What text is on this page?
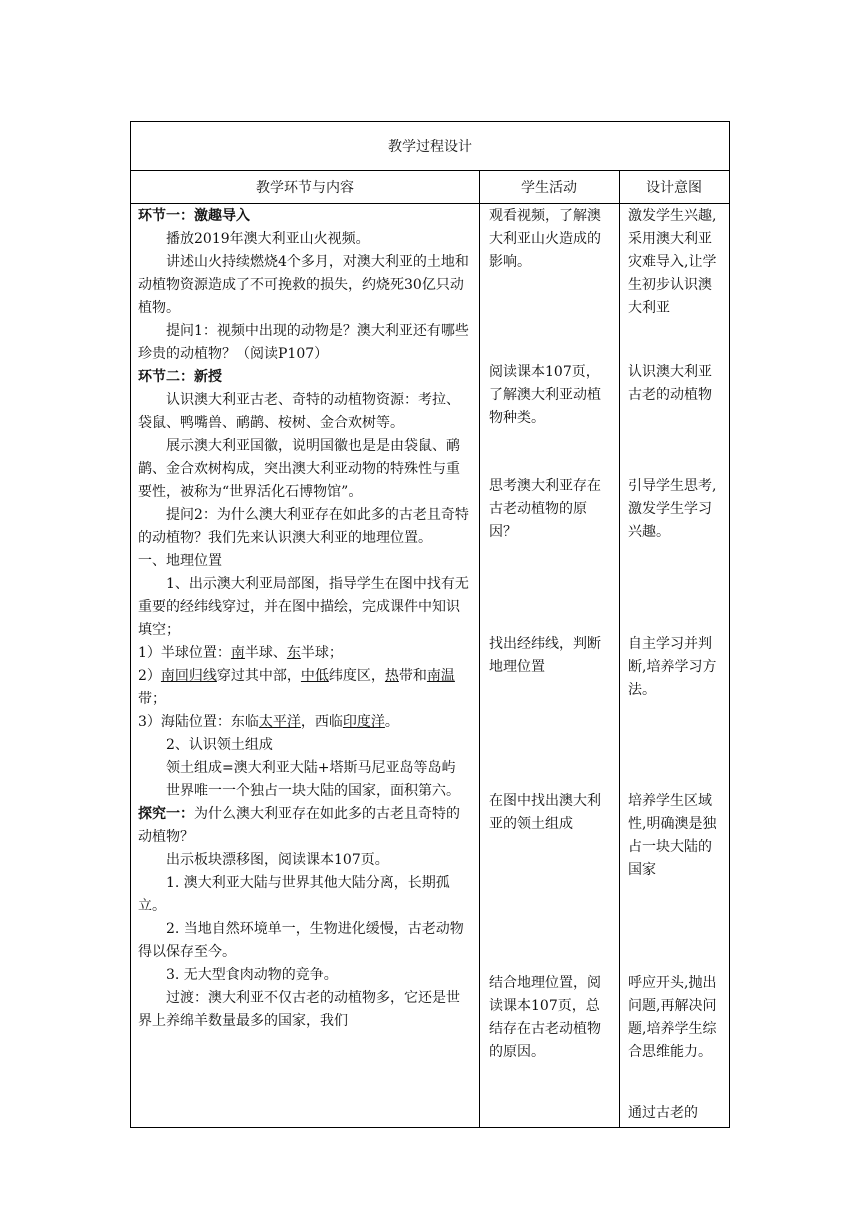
教学过程设计
教学环节与内容	学生活动	设计意图

环节一：激趣导入

播放2019年澳大利亚山火视频。

讲述山火持续燃烧4个多月，对澳大利亚的土地和动植物资源造成了不可挽救的损失，约烧死30亿只动植物。

提问1：视频中出现的动物是？澳大利亚还有哪些珍贵的动植物？（阅读P107）

环节二：新授

认识澳大利亚古老、奇特的动植物资源：考拉、袋鼠、鸭嘴兽、鸸鹋、桉树、金合欢树等。

展示澳大利亚国徽，说明国徽也是是由袋鼠、鸸鹋、金合欢树构成，突出澳大利亚动物的特殊性与重要性，被称为“世界活化石博物馆”。

提问2：为什么澳大利亚存在如此多的古老且奇特的动植物？我们先来认识澳大利亚的地理位置。

一、地理位置

1、出示澳大利亚局部图，指导学生在图中找有无重要的经纬线穿过，并在图中描绘，完成课件中知识填空；

1）半球位置：南半球、东半球；

2）南回归线穿过其中部，中低纬度区，热带和南温带；

3）海陆位置：东临太平洋，西临印度洋。

2、认识领土组成

领土组成=澳大利亚大陆+塔斯马尼亚岛等岛屿

世界唯一一个独占一块大陆的国家，面积第六。

探究一：为什么澳大利亚存在如此多的古老且奇特的动植物？

出示板块漂移图，阅读课本107页。

1. 澳大利亚大陆与世界其他大陆分离，长期孤立。

2. 当地自然环境单一，生物进化缓慢，古老动物得以保存至今。

3. 无大型食肉动物的竞争。

过渡：澳大利亚不仅古老的动植物多，它还是世界上养绵羊数量最多的国家，我们

观看视频，了解澳大利亚山火造成的影响。
阅读课本107页，了解澳大利亚动植物种类。
思考澳大利亚存在古老动植物的原因？
找出经纬线，判断地理位置
在图中找出澳大利亚的领土组成
结合地理位置，阅读课本107页，总结存在古老动植物的原因。
激发学生兴趣,采用澳大利亚灾难导入,让学生初步认识澳大利亚
认识澳大利亚古老的动植物
引导学生思考,激发学生学习兴趣。
自主学习并判断,培养学习方法。
培养学生区域性,明确澳是独占一块大陆的国家
呼应开头,抛出问题,再解决问题,培养学生综合思维能力。
通过古老的
